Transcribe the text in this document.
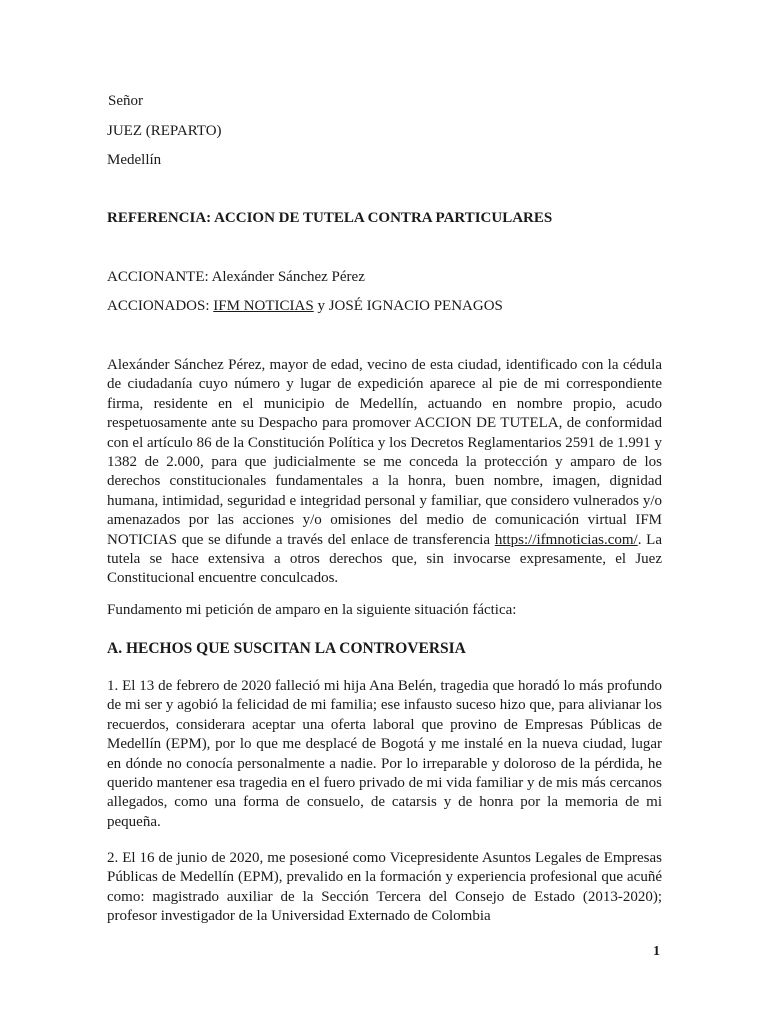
Señor
JUEZ (REPARTO)
Medellín
REFERENCIA: ACCION DE TUTELA CONTRA PARTICULARES
ACCIONANTE: Alexánder Sánchez Pérez
ACCIONADOS: IFM NOTICIAS y JOSÉ IGNACIO PENAGOS
Alexánder Sánchez Pérez, mayor de edad, vecino de esta ciudad, identificado con la cédula de ciudadanía cuyo número y lugar de expedición aparece al pie de mi correspondiente firma, residente en el municipio de Medellín, actuando en nombre propio, acudo respetuosamente ante su Despacho para promover ACCION DE TUTELA, de conformidad con el artículo 86 de la Constitución Política y los Decretos Reglamentarios 2591 de 1.991 y 1382 de 2.000, para que judicialmente se me conceda la protección y amparo de los derechos constitucionales fundamentales a la honra, buen nombre, imagen, dignidad humana, intimidad, seguridad e integridad personal y familiar, que considero vulnerados y/o amenazados por las acciones y/o omisiones del medio de comunicación virtual IFM NOTICIAS que se difunde a través del enlace de transferencia https://ifmnoticias.com/. La tutela se hace extensiva a otros derechos que, sin invocarse expresamente, el Juez Constitucional encuentre conculcados.
Fundamento mi petición de amparo en la siguiente situación fáctica:
A. HECHOS QUE SUSCITAN LA CONTROVERSIA
1. El 13 de febrero de 2020 falleció mi hija Ana Belén, tragedia que horadó lo más profundo de mi ser y agobió la felicidad de mi familia; ese infausto suceso hizo que, para alivianar los recuerdos, considerara aceptar una oferta laboral que provino de Empresas Públicas de Medellín (EPM), por lo que me desplacé de Bogotá y me instalé en la nueva ciudad, lugar en dónde no conocía personalmente a nadie. Por lo irreparable y doloroso de la pérdida, he querido mantener esa tragedia en el fuero privado de mi vida familiar y de mis más cercanos allegados, como una forma de consuelo, de catarsis y de honra por la memoria de mi pequeña.
2. El 16 de junio de 2020, me posesioné como Vicepresidente Asuntos Legales de Empresas Públicas de Medellín (EPM), prevalido en la formación y experiencia profesional que acuñé como: magistrado auxiliar de la Sección Tercera del Consejo de Estado (2013-2020); profesor investigador de la Universidad Externado de Colombia
1
